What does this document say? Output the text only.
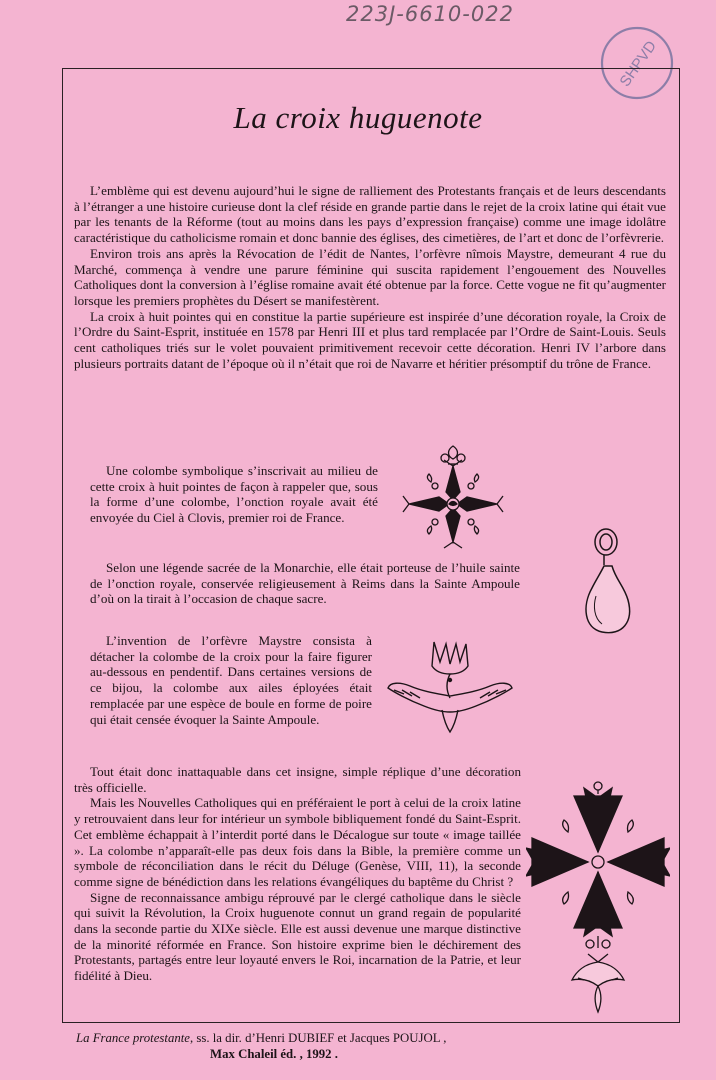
223J-6610-022
SHPVD
La croix huguenote

L’emblème qui est devenu aujourd’hui le signe de ralliement des Protestants français et de leurs descendants à l’étranger a une histoire curieuse dont la clef réside en grande partie dans le rejet de la croix latine qui était vue par les tenants de la Réforme (tout au moins dans les pays d’expression française) comme une image idolâtre caractéristique du catholicisme romain et donc bannie des églises, des cimetières, de l’art et donc de l’orfèvrerie.

Environ trois ans après la Révocation de l’édit de Nantes, l’orfèvre nîmois Maystre, demeurant 4 rue du Marché, commença à vendre une parure féminine qui suscita rapidement l’engouement des Nouvelles Catholiques dont la conversion à l’église romaine avait été obtenue par la force. Cette vogue ne fit qu’augmenter lorsque les premiers prophètes du Désert se manifestèrent.

La croix à huit pointes qui en constitue la partie supérieure est inspirée d’une décoration royale, la Croix de l’Ordre du Saint-Esprit, instituée en 1578 par Henri III et plus tard remplacée par l’Ordre de Saint-Louis. Seuls cent catholiques triés sur le volet pouvaient primitivement recevoir cette décoration. Henri IV l’arbore dans plusieurs portraits datant de l’époque où il n’était que roi de Navarre et héritier présomptif du trône de France.

Une colombe symbolique s’inscrivait au milieu de cette croix à huit pointes de façon à rappeler que, sous la forme d’une colombe, l’onction royale avait été envoyée du Ciel à Clovis, premier roi de France.

Selon une légende sacrée de la Monarchie, elle était porteuse de l’huile sainte de l’onction royale, conservée religieusement à Reims dans la Sainte Ampoule d’où on la tirait à l’occasion de chaque sacre.

L’invention de l’orfèvre Maystre consista à détacher la colombe de la croix pour la faire figurer au-dessous en pendentif. Dans certaines versions de ce bijou, la colombe aux ailes éployées était remplacée par une espèce de boule en forme de poire qui était censée évoquer la Sainte Ampoule.

Tout était donc inattaquable dans cet insigne, simple réplique d’une décoration très officielle.

Mais les Nouvelles Catholiques qui en préféraient le port à celui de la croix latine y retrouvaient dans leur for intérieur un symbole bibliquement fondé du Saint-Esprit. Cet emblème échappait à l’interdit porté dans le Décalogue sur toute « image taillée ». La colombe n’apparaît-elle pas deux fois dans la Bible, la première comme un symbole de réconciliation dans le récit du Déluge (Genèse, VIII, 11), la seconde comme signe de bénédiction dans les relations évangéliques du baptême du Christ ?

Signe de reconnaissance ambigu réprouvé par le clergé catholique dans le siècle qui suivit la Révolution, la Croix huguenote connut un grand regain de popularité dans la seconde partie du XIXe siècle. Elle est aussi devenue une marque distinctive de la minorité réformée en France. Son histoire exprime bien le déchirement des Protestants, partagés entre leur loyauté envers le Roi, incarnation de la Patrie, et leur fidélité à Dieu.

La France protestante, ss. la dir. d’Henri DUBIEF et Jacques POUJOL ,
Max Chaleil éd. , 1992 .
